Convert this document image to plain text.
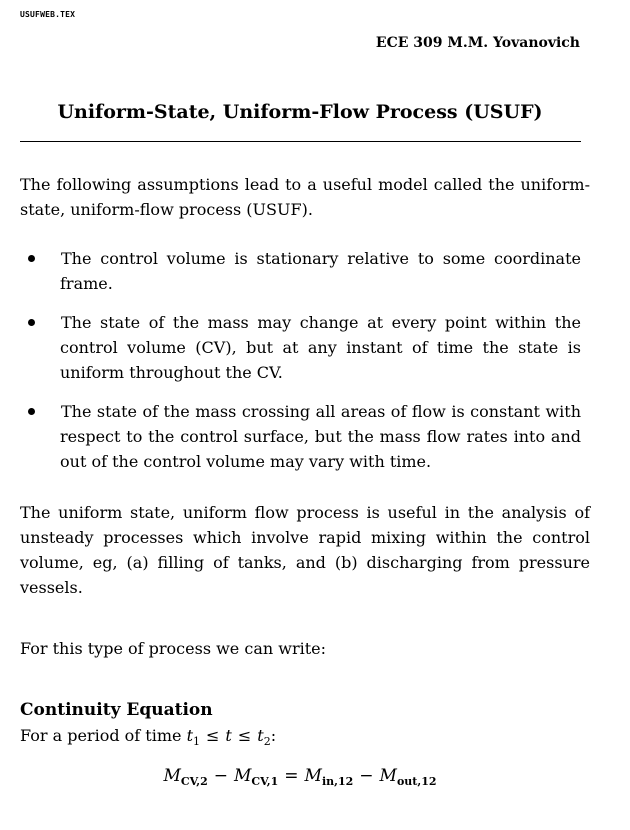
USUFWEB.TEX
ECE 309 M.M. Yovanovich
Uniform-State, Uniform-Flow Process (USUF)

The following assumptions lead to a useful model called the uniform-state, uniform-flow process (USUF).

The control volume is stationary relative to some coordinate frame.
The state of the mass may change at every point within the control volume (CV), but at any instant of time the state is uniform throughout the CV.
The state of the mass crossing all areas of flow is constant with respect to the control surface, but the mass flow rates into and out of the control volume may vary with time.

The uniform state, uniform flow process is useful in the analysis of unsteady processes which involve rapid mixing within the control volume, eg, (a) filling of tanks, and (b) discharging from pressure vessels.

For this type of process we can write:

Continuity Equation
For a period of time $t_1 \le t \le t_2$:
$M_{CV,2} - M_{CV,1} = M_{in,12} - M_{out,12}$
